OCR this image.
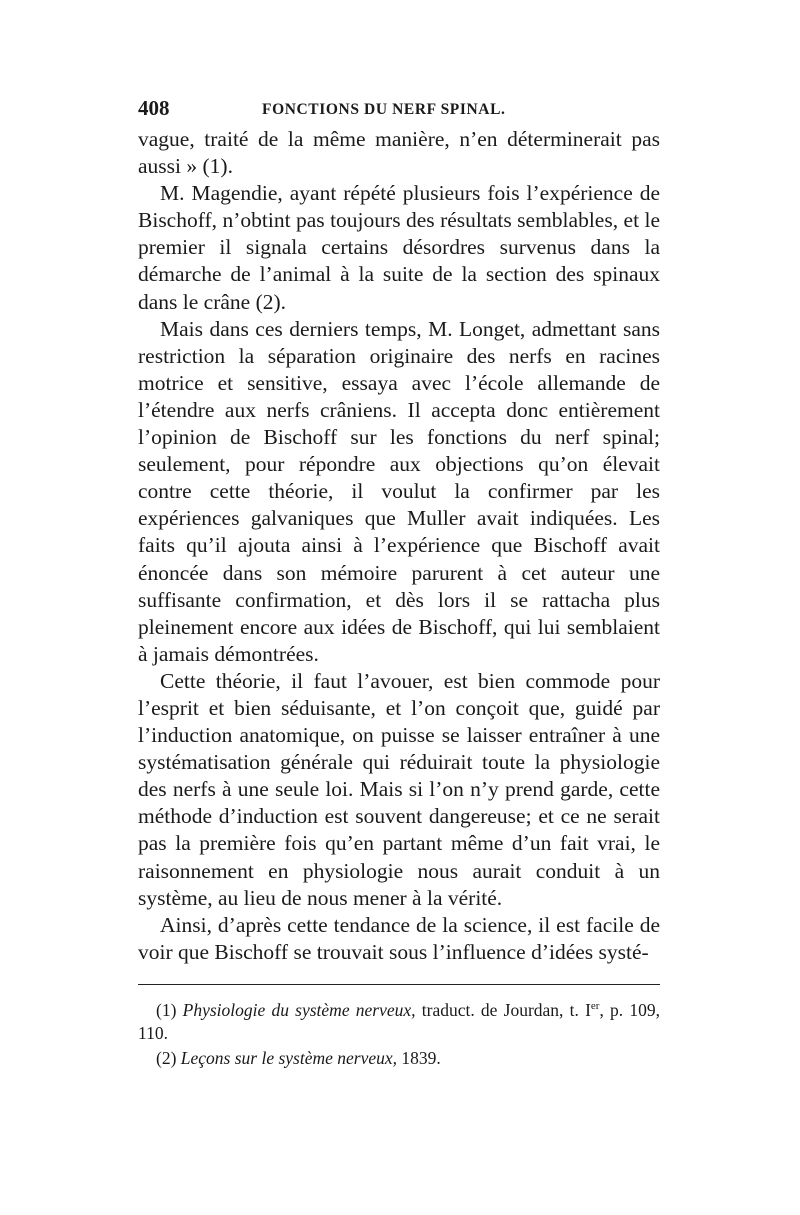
408	FONCTIONS DU NERF SPINAL.

vague, traité de la même manière, n’en déterminerait pas aussi » (1).

M. Magendie, ayant répété plusieurs fois l’expérience de Bischoff, n’obtint pas toujours des résultats semblables, et le premier il signala certains désordres survenus dans la démarche de l’animal à la suite de la section des spinaux dans le crâne (2).

Mais dans ces derniers temps, M. Longet, admettant sans restriction la séparation originaire des nerfs en racines motrice et sensitive, essaya avec l’école allemande de l’étendre aux nerfs crâniens. Il accepta donc entièrement l’opinion de Bischoff sur les fonctions du nerf spinal; seulement, pour répondre aux objections qu’on élevait contre cette théorie, il voulut la confirmer par les expériences galvaniques que Muller avait indiquées. Les faits qu’il ajouta ainsi à l’expérience que Bischoff avait énoncée dans son mémoire parurent à cet auteur une suffisante confirmation, et dès lors il se rattacha plus pleinement encore aux idées de Bischoff, qui lui semblaient à jamais démontrées.

Cette théorie, il faut l’avouer, est bien commode pour l’esprit et bien séduisante, et l’on conçoit que, guidé par l’induction anatomique, on puisse se laisser entraîner à une systématisation générale qui réduirait toute la physiologie des nerfs à une seule loi. Mais si l’on n’y prend garde, cette méthode d’induction est souvent dangereuse; et ce ne serait pas la première fois qu’en partant même d’un fait vrai, le raisonnement en physiologie nous aurait conduit à un système, au lieu de nous mener à la vérité.

Ainsi, d’après cette tendance de la science, il est facile de voir que Bischoff se trouvait sous l’influence d’idées systé-

(1) Physiologie du système nerveux, traduct. de Jourdan, t. Ier, p. 109, 110.

(2) Leçons sur le système nerveux, 1839.
